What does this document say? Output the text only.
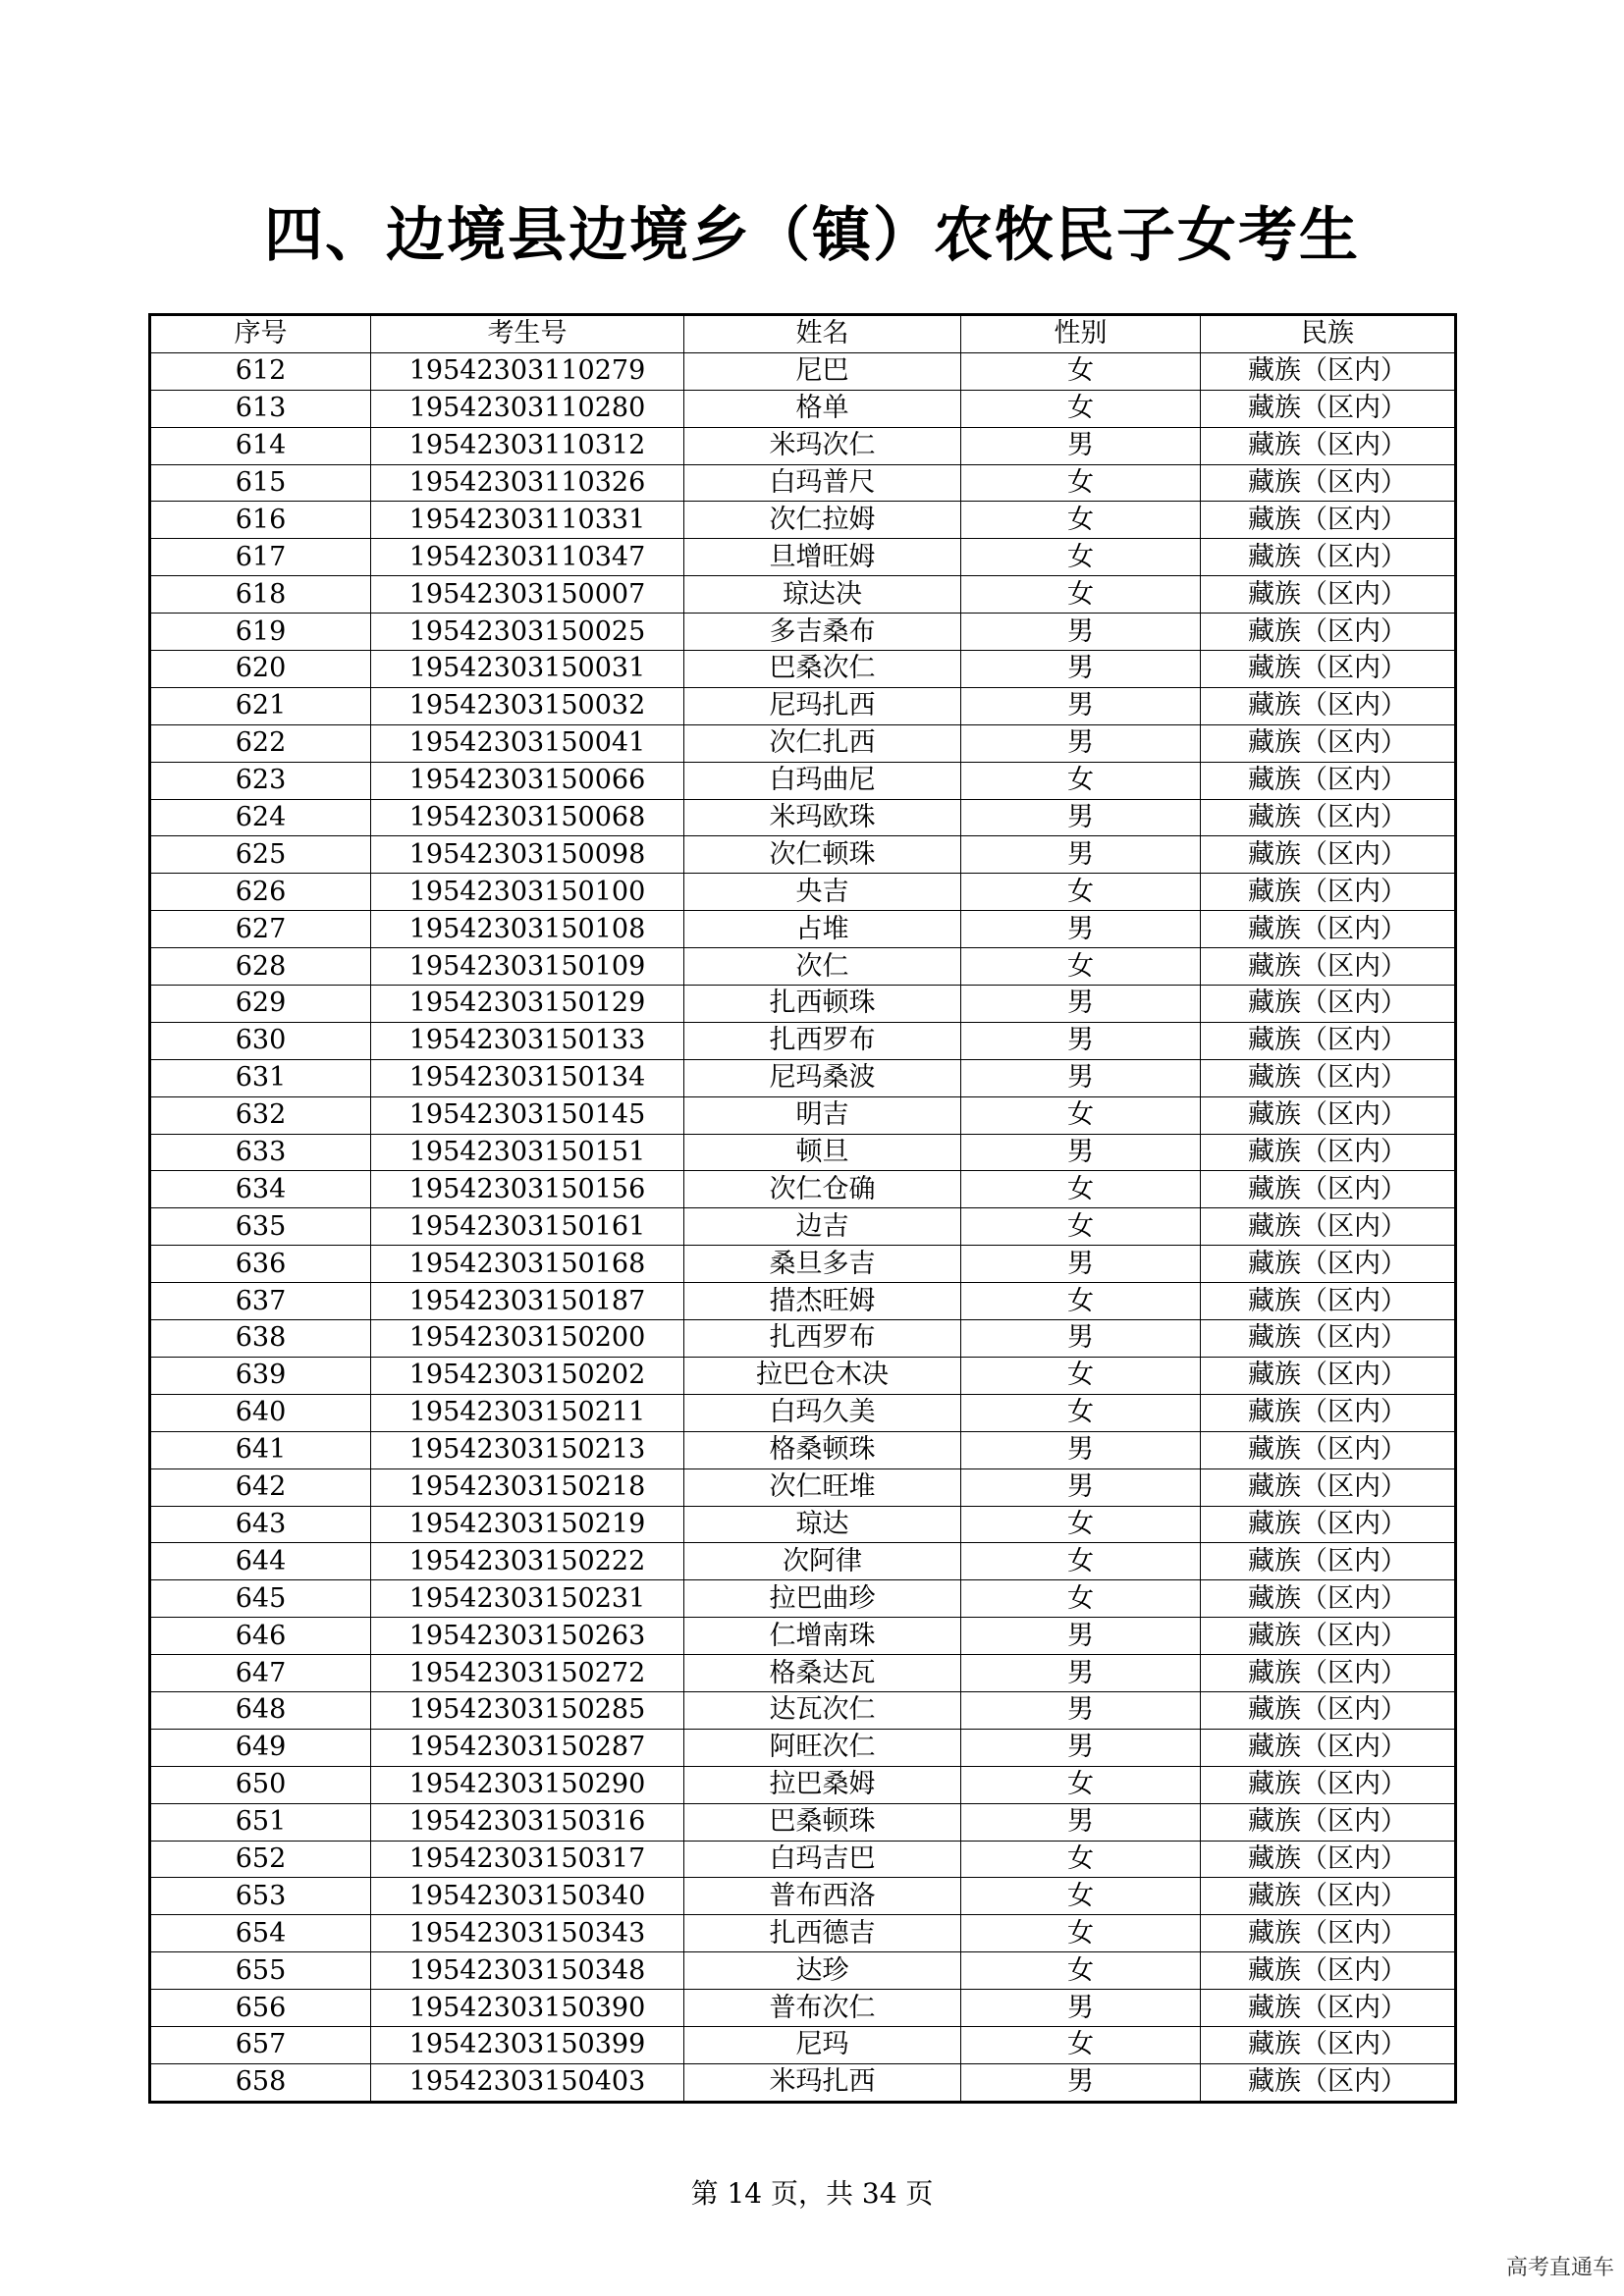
四、边境县边境乡（镇）农牧民子女考生
序号	考生号	姓名	性别	民族
612	19542303110279	尼巴	女	藏族（区内）
613	19542303110280	格单	女	藏族（区内）
614	19542303110312	米玛次仁	男	藏族（区内）
615	19542303110326	白玛普尺	女	藏族（区内）
616	19542303110331	次仁拉姆	女	藏族（区内）
617	19542303110347	旦增旺姆	女	藏族（区内）
618	19542303150007	琼达决	女	藏族（区内）
619	19542303150025	多吉桑布	男	藏族（区内）
620	19542303150031	巴桑次仁	男	藏族（区内）
621	19542303150032	尼玛扎西	男	藏族（区内）
622	19542303150041	次仁扎西	男	藏族（区内）
623	19542303150066	白玛曲尼	女	藏族（区内）
624	19542303150068	米玛欧珠	男	藏族（区内）
625	19542303150098	次仁顿珠	男	藏族（区内）
626	19542303150100	央吉	女	藏族（区内）
627	19542303150108	占堆	男	藏族（区内）
628	19542303150109	次仁	女	藏族（区内）
629	19542303150129	扎西顿珠	男	藏族（区内）
630	19542303150133	扎西罗布	男	藏族（区内）
631	19542303150134	尼玛桑波	男	藏族（区内）
632	19542303150145	明吉	女	藏族（区内）
633	19542303150151	顿旦	男	藏族（区内）
634	19542303150156	次仁仓确	女	藏族（区内）
635	19542303150161	边吉	女	藏族（区内）
636	19542303150168	桑旦多吉	男	藏族（区内）
637	19542303150187	措杰旺姆	女	藏族（区内）
638	19542303150200	扎西罗布	男	藏族（区内）
639	19542303150202	拉巴仓木决	女	藏族（区内）
640	19542303150211	白玛久美	女	藏族（区内）
641	19542303150213	格桑顿珠	男	藏族（区内）
642	19542303150218	次仁旺堆	男	藏族（区内）
643	19542303150219	琼达	女	藏族（区内）
644	19542303150222	次阿律	女	藏族（区内）
645	19542303150231	拉巴曲珍	女	藏族（区内）
646	19542303150263	仁增南珠	男	藏族（区内）
647	19542303150272	格桑达瓦	男	藏族（区内）
648	19542303150285	达瓦次仁	男	藏族（区内）
649	19542303150287	阿旺次仁	男	藏族（区内）
650	19542303150290	拉巴桑姆	女	藏族（区内）
651	19542303150316	巴桑顿珠	男	藏族（区内）
652	19542303150317	白玛吉巴	女	藏族（区内）
653	19542303150340	普布西洛	女	藏族（区内）
654	19542303150343	扎西德吉	女	藏族（区内）
655	19542303150348	达珍	女	藏族（区内）
656	19542303150390	普布次仁	男	藏族（区内）
657	19542303150399	尼玛	女	藏族（区内）
658	19542303150403	米玛扎西	男	藏族（区内）
第 14 页，共 34 页
高考直通车
